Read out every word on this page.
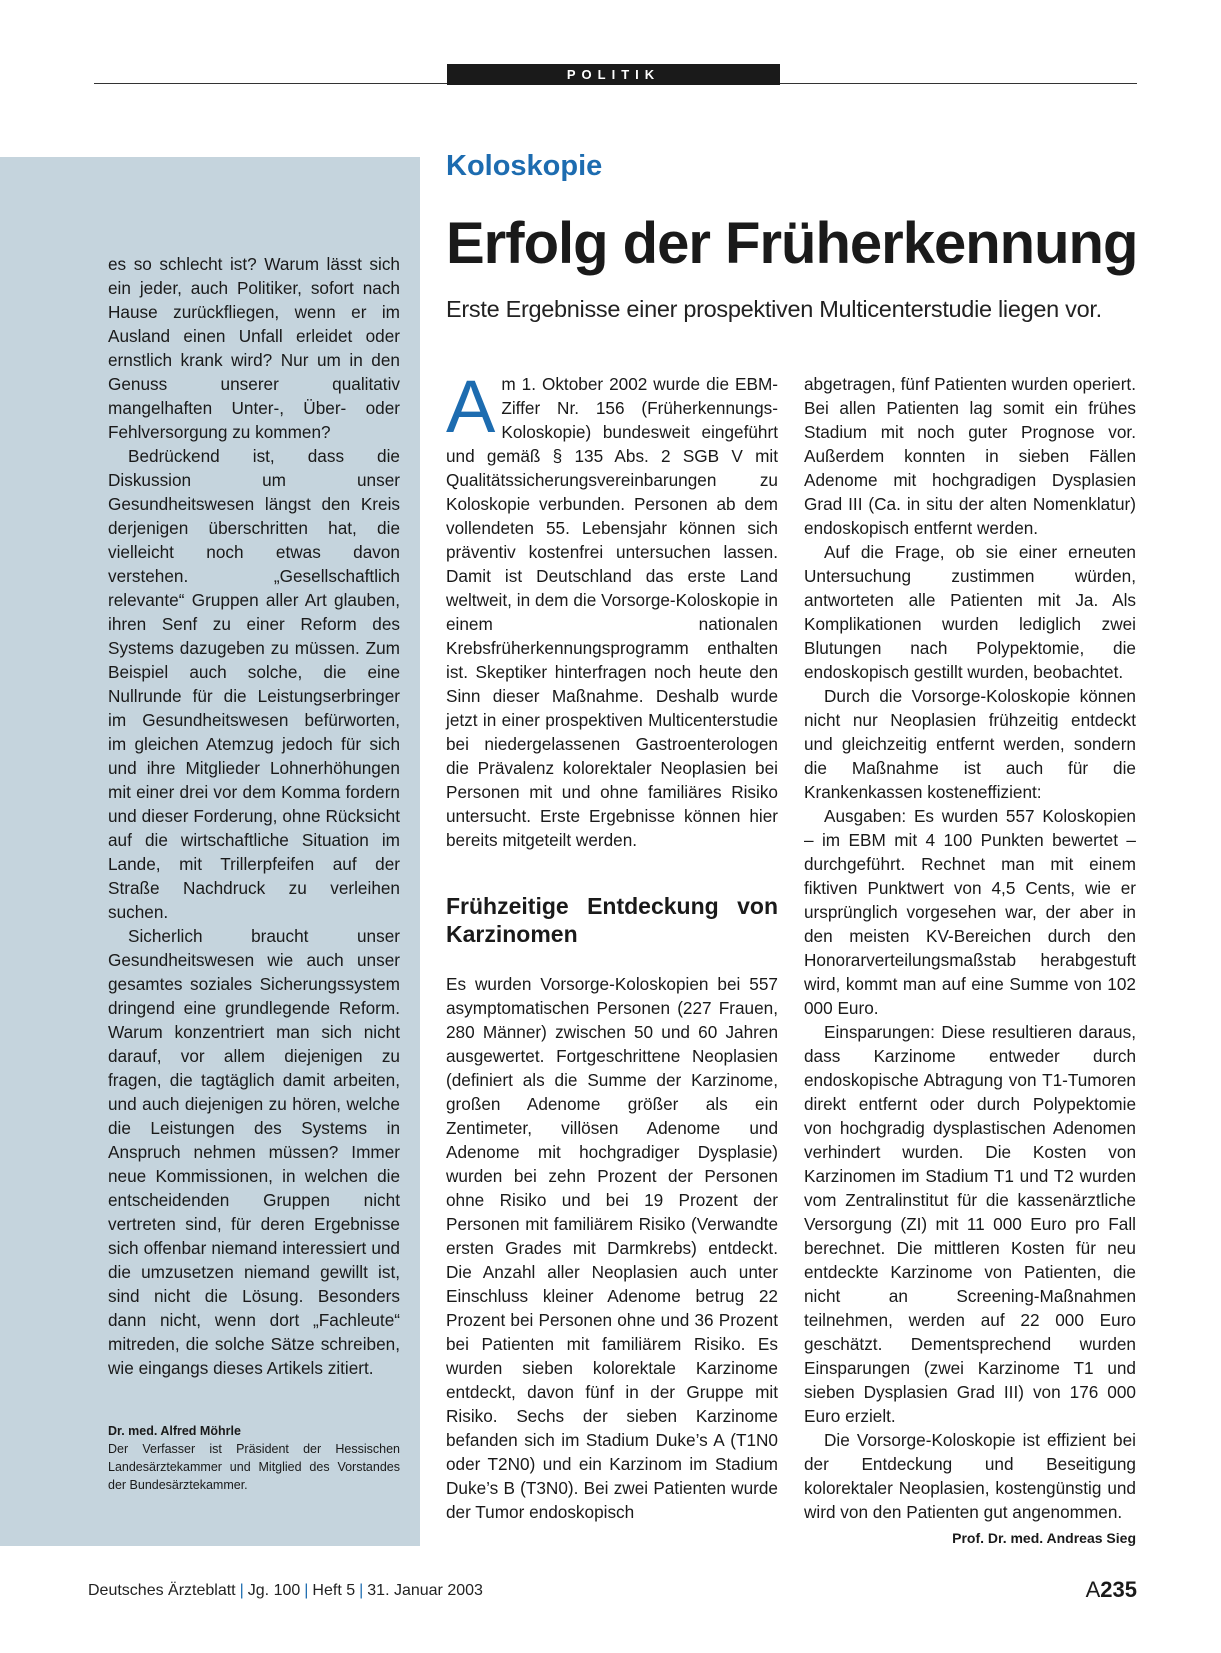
POLITIK

es so schlecht ist? Warum lässt sich ein jeder, auch Politiker, sofort nach Hause zurückfliegen, wenn er im Ausland einen Unfall erleidet oder ernstlich krank wird? Nur um in den Genuss unserer qualitativ mangelhaften Unter-, Über- oder Fehlversorgung zu kommen?

Bedrückend ist, dass die Diskussion um unser Gesundheitswesen längst den Kreis derjenigen überschritten hat, die vielleicht noch etwas davon verstehen. „Gesellschaftlich relevante“ Gruppen aller Art glauben, ihren Senf zu einer Reform des Systems dazugeben zu müssen. Zum Beispiel auch solche, die eine Nullrunde für die Leistungserbringer im Gesundheitswesen befürworten, im gleichen Atemzug jedoch für sich und ihre Mitglieder Lohnerhöhungen mit einer drei vor dem Komma fordern und dieser Forderung, ohne Rücksicht auf die wirtschaftliche Situation im Lande, mit Trillerpfeifen auf der Straße Nachdruck zu verleihen suchen.

Sicherlich braucht unser Gesundheitswesen wie auch unser gesamtes soziales Sicherungssystem dringend eine grundlegende Reform. Warum konzentriert man sich nicht darauf, vor allem diejenigen zu fragen, die tagtäglich damit arbeiten, und auch diejenigen zu hören, welche die Leistungen des Systems in Anspruch nehmen müssen? Immer neue Kommissionen, in welchen die entscheidenden Gruppen nicht vertreten sind, für deren Ergebnisse sich offenbar niemand interessiert und die umzusetzen niemand gewillt ist, sind nicht die Lösung. Besonders dann nicht, wenn dort „Fachleute“ mitreden, die solche Sätze schreiben, wie eingangs dieses Artikels zitiert.

Dr. med. Alfred Möhrle
Der Verfasser ist Präsident der Hessischen Landesärztekammer und Mitglied des Vorstandes der Bundesärztekammer.
Koloskopie
Erfolg der Früherkennung
Erste Ergebnisse einer prospektiven Multicenterstudie liegen vor.

Am 1. Oktober 2002 wurde die EBM-Ziffer Nr. 156 (Früherkennungs-Koloskopie) bundesweit eingeführt und gemäß § 135 Abs. 2 SGB V mit Qualitätssicherungsvereinbarungen zu Koloskopie verbunden. Personen ab dem vollendeten 55. Lebensjahr können sich präventiv kostenfrei untersuchen lassen. Damit ist Deutschland das erste Land weltweit, in dem die Vorsorge-Koloskopie in einem nationalen Krebsfrüherkennungsprogramm enthalten ist. Skeptiker hinterfragen noch heute den Sinn dieser Maßnahme. Deshalb wurde jetzt in einer prospektiven Multicenterstudie bei niedergelassenen Gastroenterologen die Prävalenz kolorektaler Neoplasien bei Personen mit und ohne familiäres Risiko untersucht. Erste Ergebnisse können hier bereits mitgeteilt werden.

Frühzeitige Entdeckung von Karzinomen

Es wurden Vorsorge-Koloskopien bei 557 asymptomatischen Personen (227 Frauen, 280 Männer) zwischen 50 und 60 Jahren ausgewertet. Fortgeschrittene Neoplasien (definiert als die Summe der Karzinome, großen Adenome größer als ein Zentimeter, villösen Adenome und Adenome mit hochgradiger Dysplasie) wurden bei zehn Prozent der Personen ohne Risiko und bei 19 Prozent der Personen mit familiärem Risiko (Verwandte ersten Grades mit Darmkrebs) entdeckt. Die Anzahl aller Neoplasien auch unter Einschluss kleiner Adenome betrug 22 Prozent bei Personen ohne und 36 Prozent bei Patienten mit familiärem Risiko. Es wurden sieben kolorektale Karzinome entdeckt, davon fünf in der Gruppe mit Risiko. Sechs der sieben Karzinome befanden sich im Stadium Duke’s A (T1N0 oder T2N0) und ein Karzinom im Stadium Duke’s B (T3N0). Bei zwei Patienten wurde der Tumor endoskopisch

abgetragen, fünf Patienten wurden operiert. Bei allen Patienten lag somit ein frühes Stadium mit noch guter Prognose vor. Außerdem konnten in sieben Fällen Adenome mit hochgradigen Dysplasien Grad III (Ca. in situ der alten Nomenklatur) endoskopisch entfernt werden.

Auf die Frage, ob sie einer erneuten Untersuchung zustimmen würden, antworteten alle Patienten mit Ja. Als Komplikationen wurden lediglich zwei Blutungen nach Polypektomie, die endoskopisch gestillt wurden, beobachtet.

Durch die Vorsorge-Koloskopie können nicht nur Neoplasien frühzeitig entdeckt und gleichzeitig entfernt werden, sondern die Maßnahme ist auch für die Krankenkassen kosteneffizient:

Ausgaben: Es wurden 557 Koloskopien – im EBM mit 4 100 Punkten bewertet – durchgeführt. Rechnet man mit einem fiktiven Punktwert von 4,5 Cents, wie er ursprünglich vorgesehen war, der aber in den meisten KV-Bereichen durch den Honorarverteilungsmaßstab herabgestuft wird, kommt man auf eine Summe von 102 000 Euro.

Einsparungen: Diese resultieren daraus, dass Karzinome entweder durch endoskopische Abtragung von T1-Tumoren direkt entfernt oder durch Polypektomie von hochgradig dysplastischen Adenomen verhindert wurden. Die Kosten von Karzinomen im Stadium T1 und T2 wurden vom Zentralinstitut für die kassenärztliche Versorgung (ZI) mit 11 000 Euro pro Fall berechnet. Die mittleren Kosten für neu entdeckte Karzinome von Patienten, die nicht an Screening-Maßnahmen teilnehmen, werden auf 22 000 Euro geschätzt. Dementsprechend wurden Einsparungen (zwei Karzinome T1 und sieben Dysplasien Grad III) von 176 000 Euro erzielt.

Die Vorsorge-Koloskopie ist effizient bei der Entdeckung und Beseitigung kolorektaler Neoplasien, kostengünstig und wird von den Patienten gut angenommen.
Prof. Dr. med. Andreas Sieg

Deutsches Ärzteblatt | Jg. 100 | Heft 5 | 31. Januar 2003	A235
